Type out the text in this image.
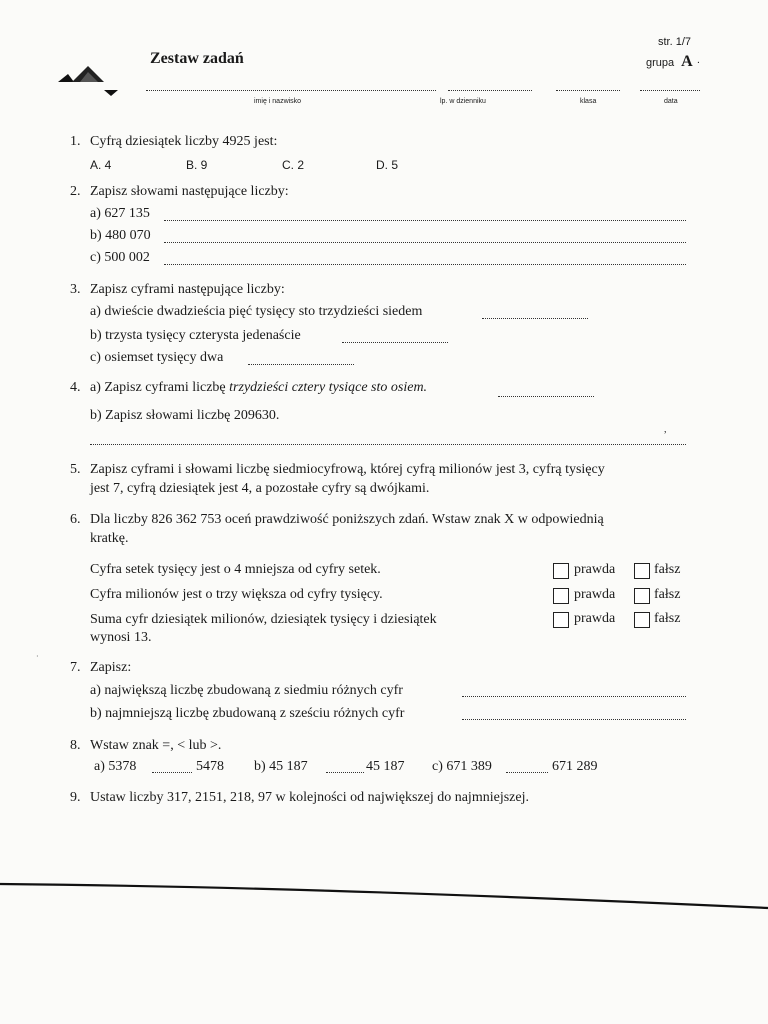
str. 1/7
Zestaw zadań	grupa A ·
imię i nazwisko	lp. w dzienniku	klasa	data
1. Cyfrą dziesiątek liczby 4925 jest:
A. 4	B. 9	C. 2	D. 5
2. Zapisz słowami następujące liczby:
a) 627 135
b) 480 070
c) 500 002
3. Zapisz cyframi następujące liczby:
a) dwieście dwadzieścia pięć tysięcy sto trzydzieści siedem
b) trzysta tysięcy czterysta jedenaście
c) osiemset tysięcy dwa
4. a) Zapisz cyframi liczbę trzydzieści cztery tysiące sto osiem.
b) Zapisz słowami liczbę 209630.
5. Zapisz cyframi i słowami liczbę siedmiocyfrową, której cyfrą milionów jest 3, cyfrą tysięcy
jest 7, cyfrą dziesiątek jest 4, a pozostałe cyfry są dwójkami.
6. Dla liczby 826 362 753 oceń prawdziwość poniższych zdań. Wstaw znak X w odpowiednią
kratkę.
Cyfra setek tysięcy jest o 4 mniejsza od cyfry setek.	prawda	fałsz
Cyfra milionów jest o trzy większa od cyfry tysięcy.	prawda	fałsz
Suma cyfr dziesiątek milionów, dziesiątek tysięcy i dziesiątek
wynosi 13.
prawda	fałsz
7. Zapisz:
a) największą liczbę zbudowaną z siedmiu różnych cyfr
b) najmniejszą liczbę zbudowaną z sześciu różnych cyfr
8. Wstaw znak =, < lub >.
a) 5378	5478 b) 45 187	45 187 c) 671 389	671 289
9. Ustaw liczby 317, 2151, 218, 97 w kolejności od największej do najmniejszej.
,
·
